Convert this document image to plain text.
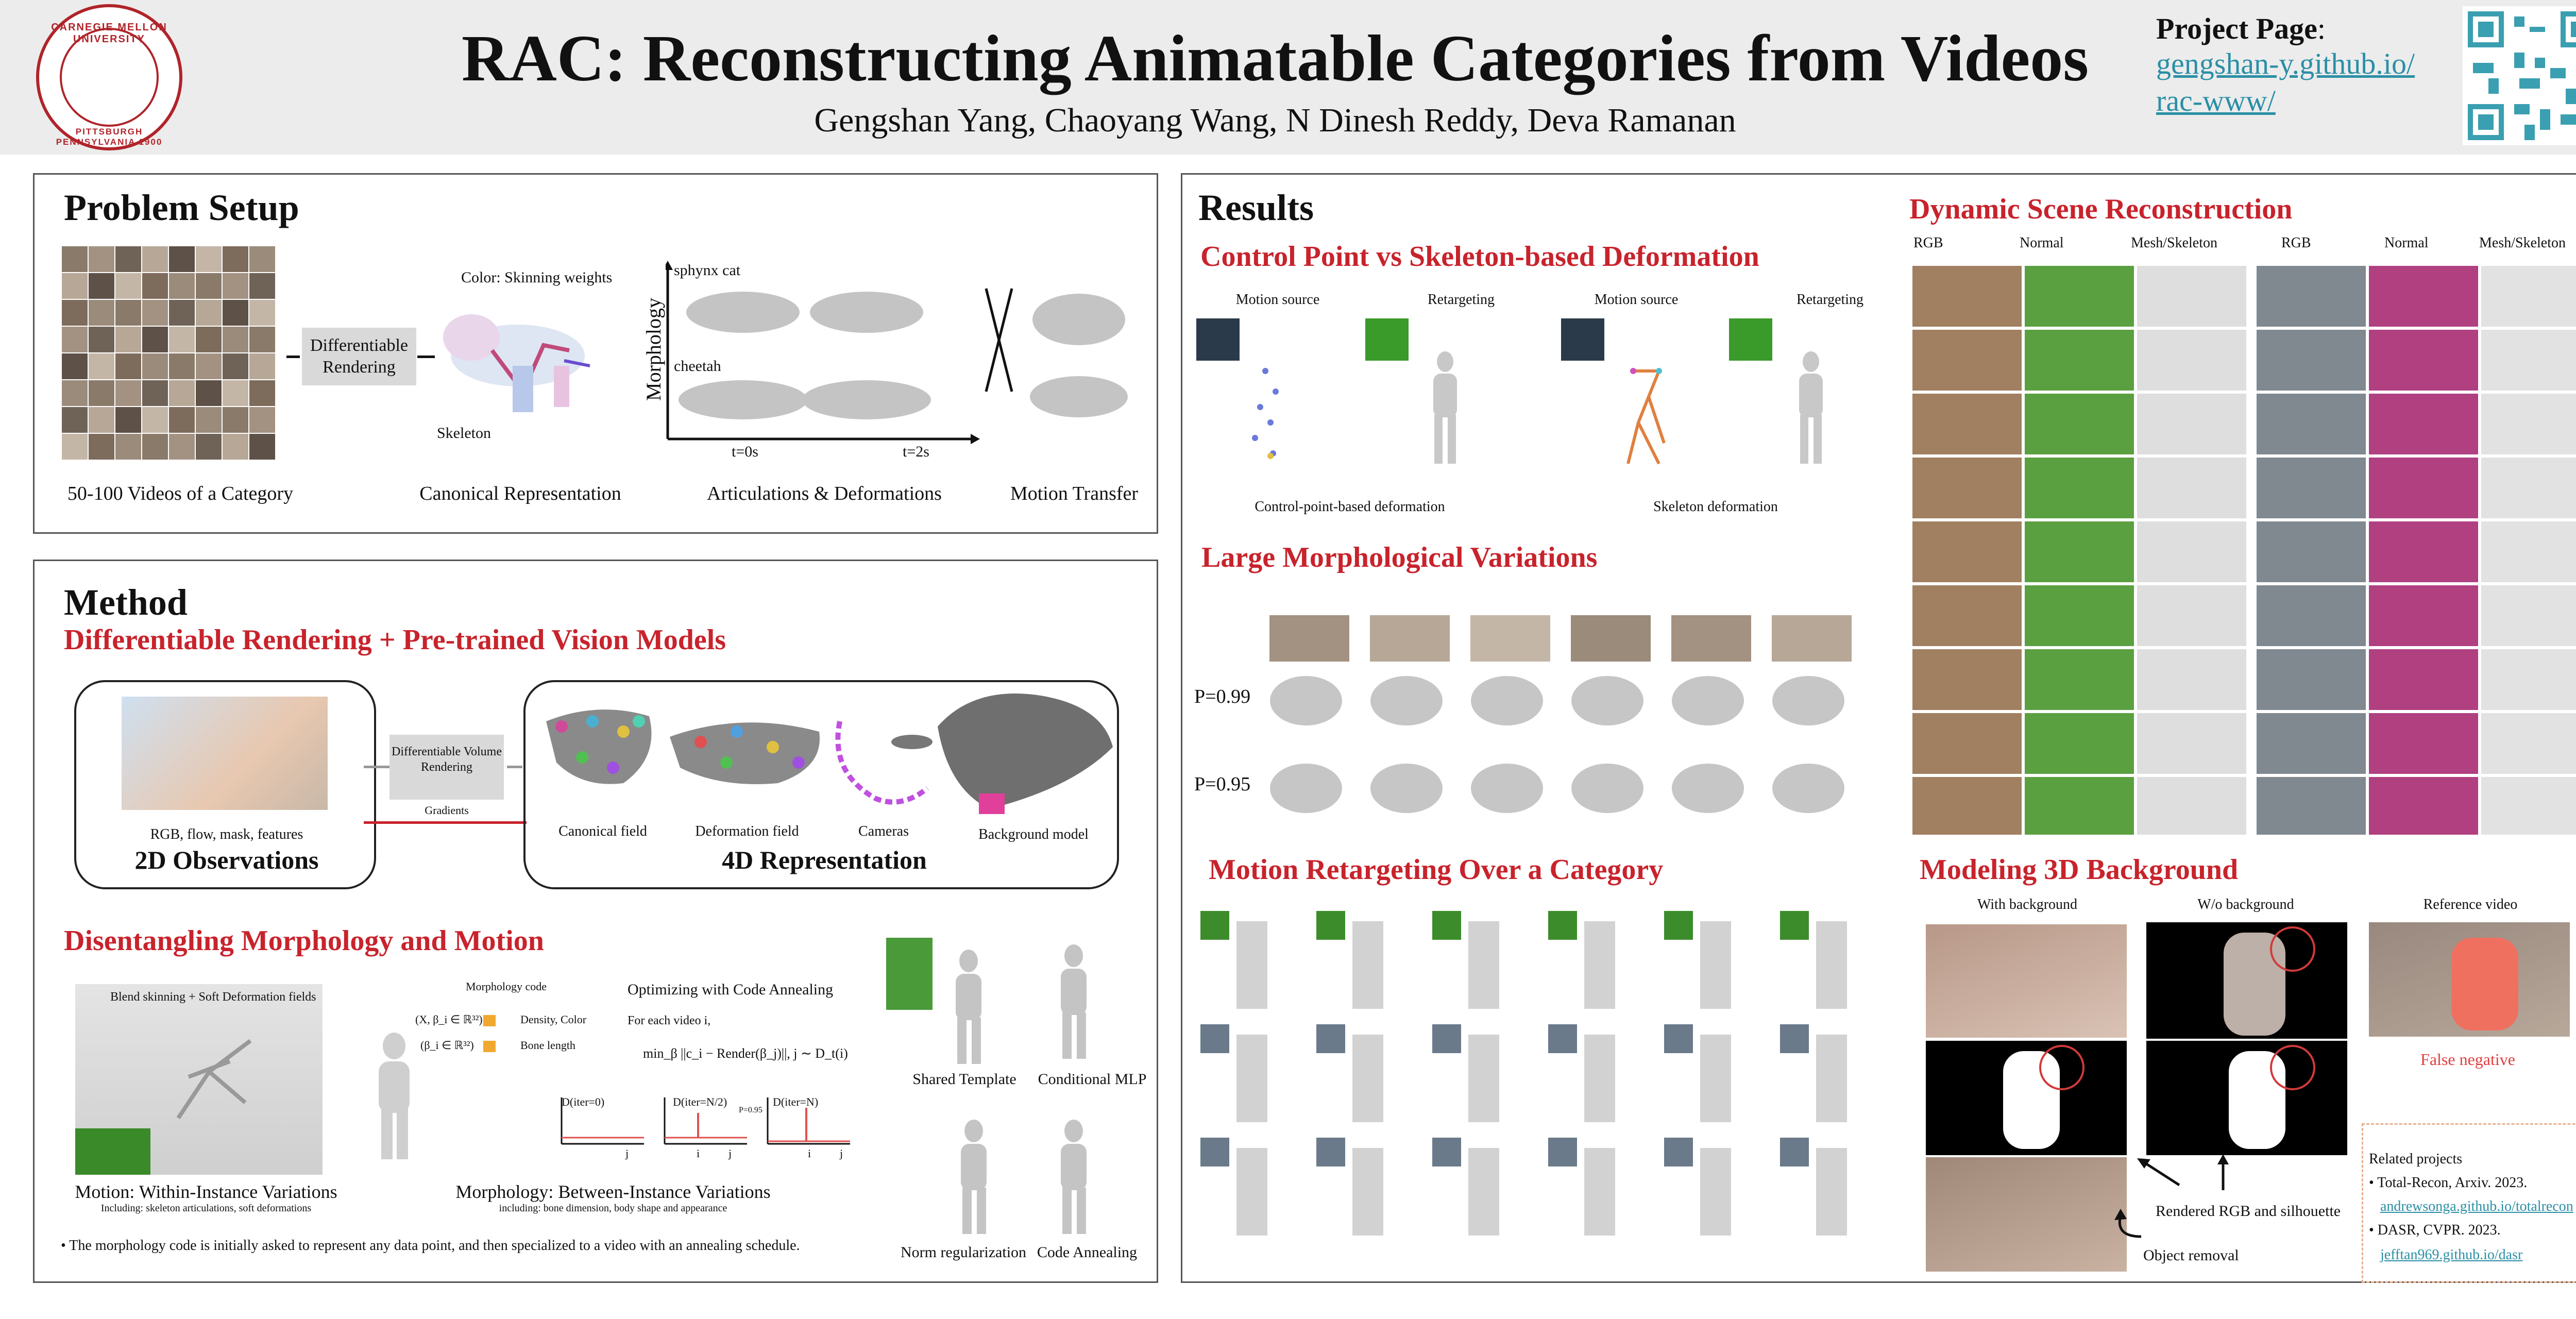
CARNEGIE MELLON UNIVERSITY
PITTSBURGH PENNSYLVANIA 1900
RAC: Reconstructing Animatable Categories from Videos
Gengshan Yang, Chaoyang Wang, N Dinesh Reddy, Deva Ramanan
Project Page:
gengshan-y.github.io/
rac-www/
Problem Setup
Differentiable Rendering
Color: Skinning weights
Skeleton
Morphology
sphynx cat
cheetah
t=0s	t=2s
50-100 Videos of a Category	Canonical Representation	Articulations & Deformations	Motion Transfer
Method
Differentiable Rendering + Pre-trained Vision Models
RGB, flow, mask, features
2D Observations
Differentiable Volume Rendering
Gradients
Canonical field	Deformation field	Cameras	Background model
4D Representation
Disentangling Morphology and Motion
Blend skinning + Soft Deformation fields
Motion: Within-Instance Variations
Including: skeleton articulations, soft deformations
Morphology code
(X, β_i ∈ ℝ³²)	Density, Color
(β_i ∈ ℝ³²)	Bone length
Optimizing with Code Annealing
For each video i,
min_β ||c_i − Render(β_j)||, j ∼ D_t(i)
D(iter=0)	D(iter=N/2)	D(iter=N)
P=0.95
j	i	j	i	j
Morphology: Between-Instance Variations
including: bone dimension, body shape and appearance
Shared Template	Conditional MLP
Norm regularization Code Annealing
• The morphology code is initially asked to represent any data point, and then specialized to a video with an annealing schedule.
Results
Control Point vs Skeleton-based Deformation
Motion source	Retargeting	Motion source	Retargeting
Control-point-based deformation	Skeleton deformation
Large Morphological Variations
P=0.99
P=0.95
Motion Retargeting Over a Category
Dynamic Scene Reconstruction
RGB	Normal	Mesh/Skeleton	RGB	Normal	Mesh/Skeleton
Modeling 3D Background
With background	W/o background	Reference video
False negative
Rendered RGB and silhouette
Object removal
Related projects
• Total-Recon, Arxiv. 2023.
andrewsonga.github.io/totalrecon
• DASR, CVPR. 2023.
jefftan969.github.io/dasr
